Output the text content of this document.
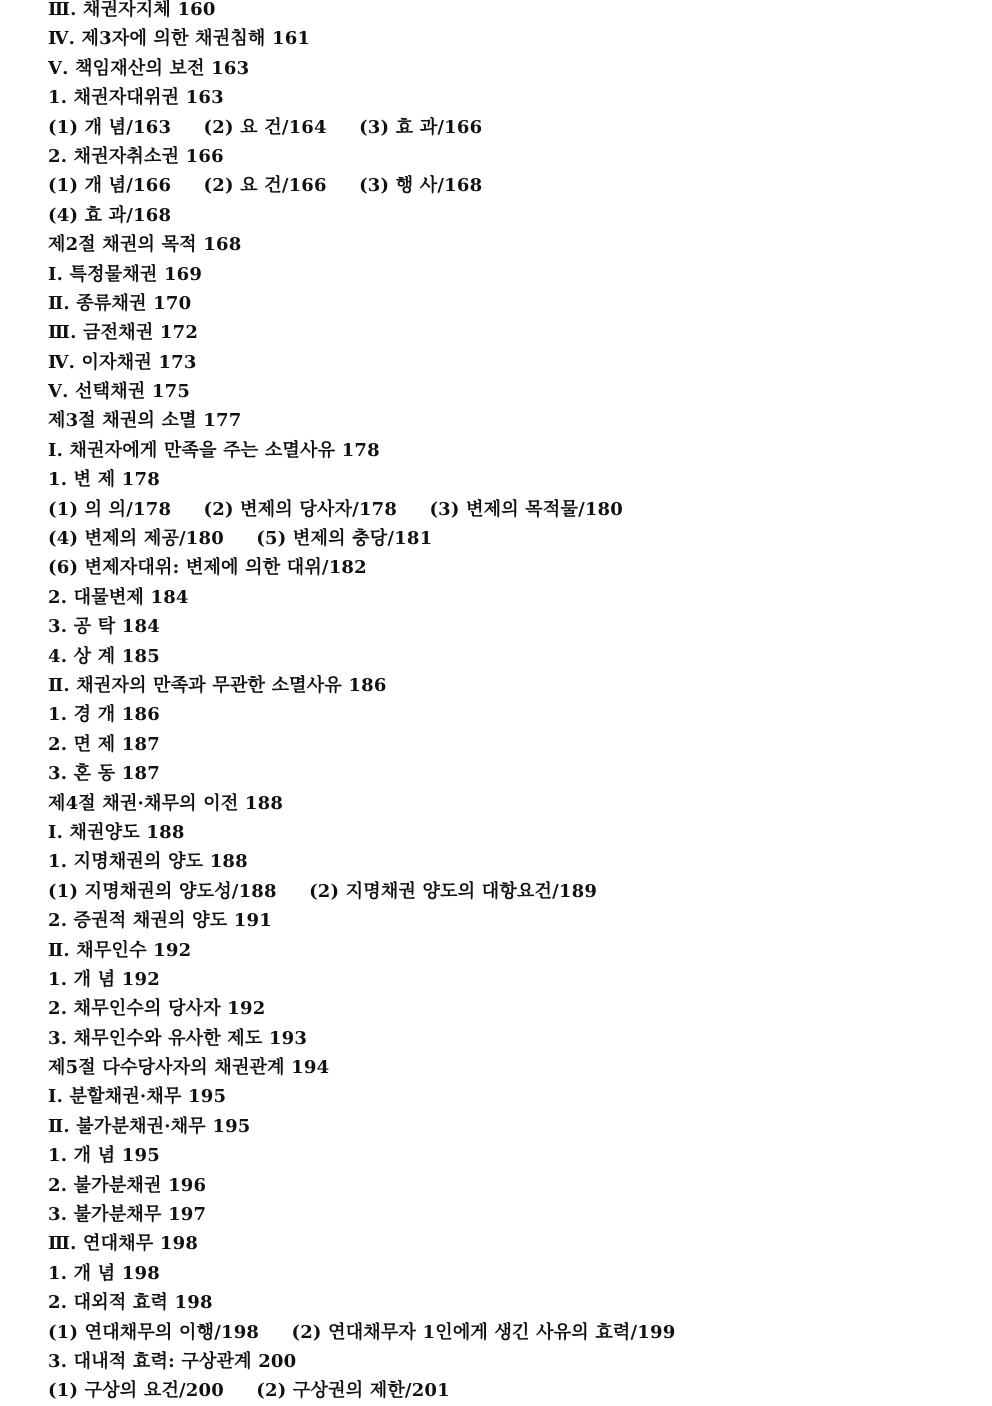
Ⅲ. 채권자지체 160
Ⅳ. 제3자에 의한 채권침해 161
Ⅴ. 책임재산의 보전 163
1. 채권자대위권 163
(1) 개 념/163     (2) 요 건/164     (3) 효 과/166
2. 채권자취소권 166
(1) 개 념/166     (2) 요 건/166     (3) 행 사/168
(4) 효 과/168
제2절 채권의 목적 168
Ⅰ. 특정물채권 169
Ⅱ. 종류채권 170
Ⅲ. 금전채권 172
Ⅳ. 이자채권 173
Ⅴ. 선택채권 175
제3절 채권의 소멸 177
Ⅰ. 채권자에게 만족을 주는 소멸사유 178
1. 변 제 178
(1) 의 의/178     (2) 변제의 당사자/178     (3) 변제의 목적물/180
(4) 변제의 제공/180     (5) 변제의 충당/181
(6) 변제자대위: 변제에 의한 대위/182
2. 대물변제 184
3. 공 탁 184
4. 상 계 185
Ⅱ. 채권자의 만족과 무관한 소멸사유 186
1. 경 개 186
2. 면 제 187
3. 혼 동 187
제4절 채권·채무의 이전 188
Ⅰ. 채권양도 188
1. 지명채권의 양도 188
(1) 지명채권의 양도성/188     (2) 지명채권 양도의 대항요건/189
2. 증권적 채권의 양도 191
Ⅱ. 채무인수 192
1. 개 념 192
2. 채무인수의 당사자 192
3. 채무인수와 유사한 제도 193
제5절 다수당사자의 채권관계 194
Ⅰ. 분할채권·채무 195
Ⅱ. 불가분채권·채무 195
1. 개 념 195
2. 불가분채권 196
3. 불가분채무 197
Ⅲ. 연대채무 198
1. 개 념 198
2. 대외적 효력 198
(1) 연대채무의 이행/198     (2) 연대채무자 1인에게 생긴 사유의 효력/199
3. 대내적 효력: 구상관계 200
(1) 구상의 요건/200     (2) 구상권의 제한/201
